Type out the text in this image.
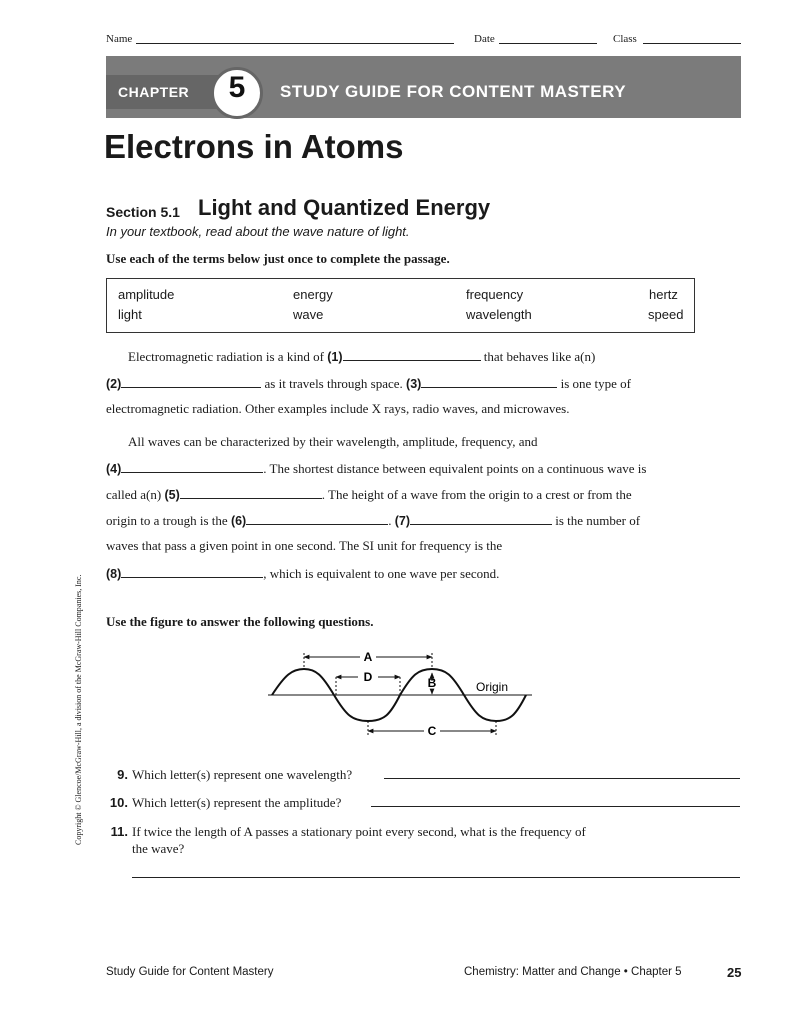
Name	Date	Class
CHAPTER	5	STUDY GUIDE FOR CONTENT MASTERY
Electrons in Atoms
Section 5.1 Light and Quantized Energy
In your textbook, read about the wave nature of light.
Use each of the terms below just once to complete the passage.
amplitude	energy	frequency	hertz
light	wave	wavelength	speed
Electromagnetic radiation is a kind of (1)	that behaves like a(n)
(2)	as it travels through space. (3)	is one type of
electromagnetic radiation. Other examples include X rays, radio waves, and microwaves.
All waves can be characterized by their wavelength, amplitude, frequency, and
(4)	. The shortest distance between equivalent points on a continuous wave is
called a(n) (5)	. The height of a wave from the origin to a crest or from the
origin to a trough is the (6)	. (7)	is the number of
waves that pass a given point in one second. The SI unit for frequency is the
(8)	, which is equivalent to one wave per second.
Use the figure to answer the following questions.
A
D	B
C
Origin
9. Which letter(s) represent one wavelength?
10. Which letter(s) represent the amplitude?
11. If twice the length of A passes a stationary point every second, what is the frequency of
the wave?
Study Guide for Content Mastery	Chemistry: Matter and Change • Chapter 5	25
Copyright © Glencoe/McGraw-Hill, a division of the McGraw-Hill Companies, Inc.
